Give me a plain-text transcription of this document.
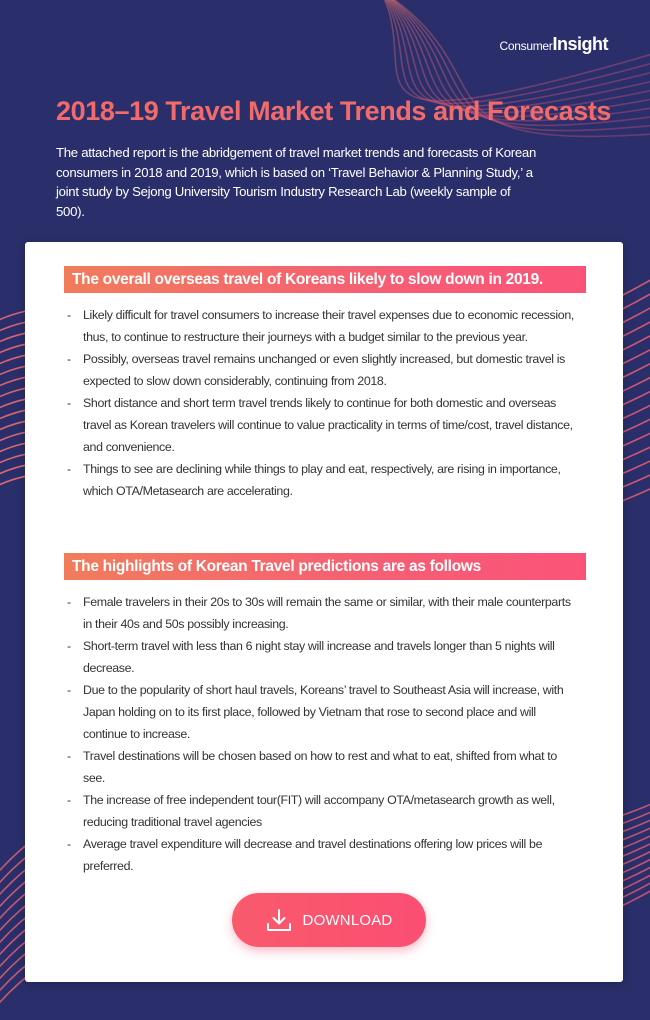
ConsumerInsight
2018–19 Travel Market Trends and Forecasts

The attached report is the abridgement of travel market trends and forecasts of Korean consumers in 2018 and 2019, which is based on ‘Travel Behavior & Planning Study,’ a joint study by Sejong University Tourism Industry Research Lab (weekly sample of 500).

The overall overseas travel of Koreans likely to slow down in 2019.
- Likely difficult for travel consumers to increase their travel expenses due to economic recession, thus, to continue to restructure their journeys with a budget similar to the previous year.
- Possibly, overseas travel remains unchanged or even slightly increased, but domestic travel is expected to slow down considerably, continuing from 2018.
- Short distance and short term travel trends likely to continue for both domestic and overseas travel as Korean travelers will continue to value practicality in terms of time/cost, travel distance, and convenience.
- Things to see are declining while things to play and eat, respectively, are rising in importance, which OTA/Metasearch are accelerating.
The highlights of Korean Travel predictions are as follows
- Female travelers in their 20s to 30s will remain the same or similar, with their male counterparts in their 40s and 50s possibly increasing.
- Short-term travel with less than 6 night stay will increase and travels longer than 5 nights will decrease.
- Due to the popularity of short haul travels, Koreans’ travel to Southeast Asia will increase, with Japan holding on to its first place, followed by Vietnam that rose to second place and will continue to increase.
- Travel destinations will be chosen based on how to rest and what to eat, shifted from what to see.
- The increase of free independent tour(FIT) will accompany OTA/metasearch growth as well, reducing traditional travel agencies
- Average travel expenditure will decrease and travel destinations offering low prices will be preferred.
DOWNLOAD
